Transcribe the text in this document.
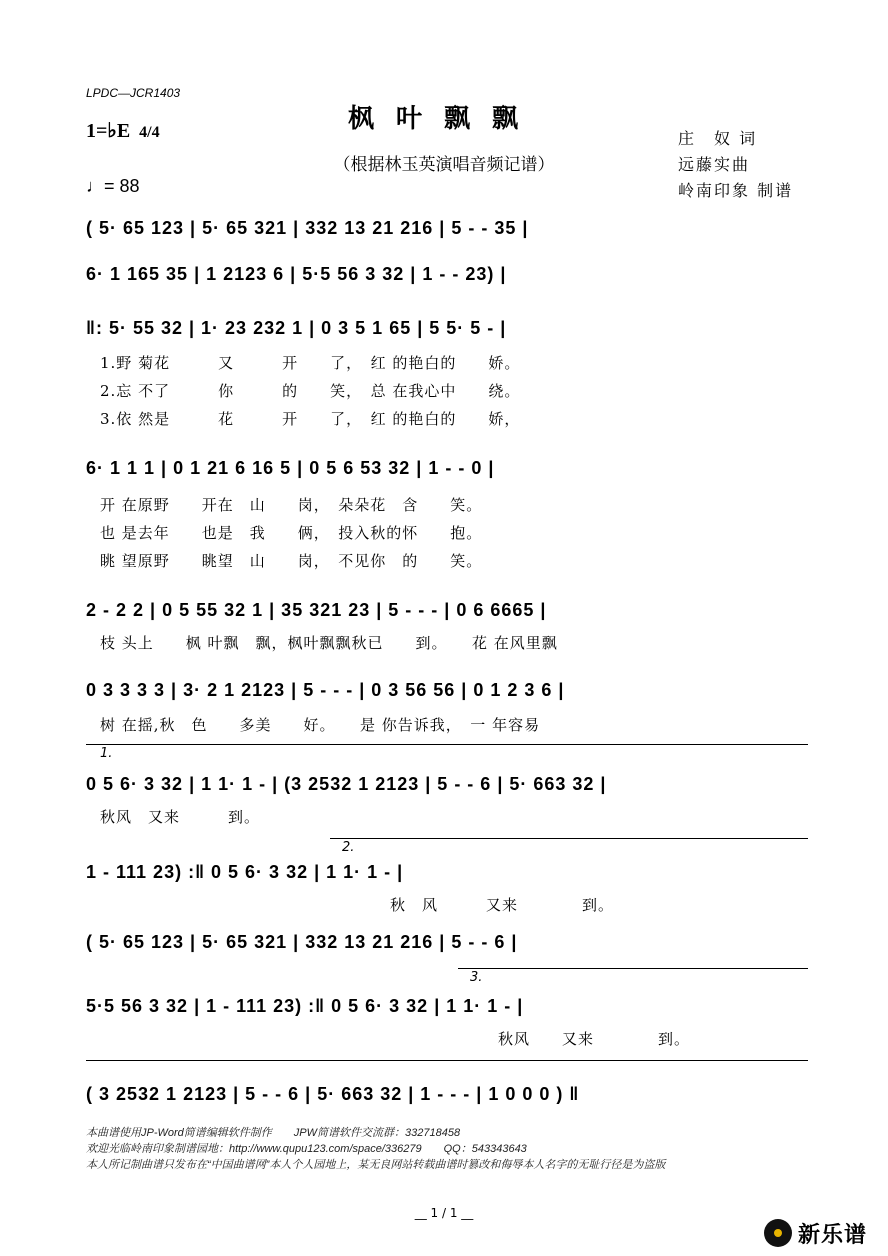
LPDC—JCR1403
枫叶飘飘
（根据林玉英演唱音频记谱）
1=♭E 4/4
♩= 88
庄　奴 词
远藤实曲
岭南印象 制谱
( 5· 65 123 | 5· 65 321 | 332 13 21 216 | 5 - - 35 |
6· 1 165 35 | 1 2123 6 | 5·5 56 3 32 | 1 - - 23) |
‖: 5· 55 32 | 1· 23 232 1 | 0 3 5 1 65 | 5 5· 5 - |
1.野 菊花　　　又　　　开　　了，　红 的艳白的　　娇。
2.忘 不了　　　你　　　的　　笑，　总 在我心中　　绕。
3.依 然是　　　花　　　开　　了，　红 的艳白的　　娇，
6· 1 1 1 | 0 1 21 6 16 5 | 0 5 6 53 32 | 1 - - 0 |
开 在原野　　开在　山　　岗，　朵朵花　含　　笑。
也 是去年　　也是　我　　俩，　投入秋的怀　　抱。
眺 望原野　　眺望　山　　岗，　不见你　的　　笑。
2 - 2 2 | 0 5 55 32 1 | 35 321 23 | 5 - - - | 0 6 6665 |
枝 头上　　枫 叶飘　飘，枫叶飘飘秋已　　到。　　花 在风里飘
0 3 3 3 3 | 3· 2 1 2123 | 5 - - - | 0 3 56 56 | 0 1 2 3 6 |
树 在摇,秋　色　　多美　　好。　　是 你告诉我，　一 年容易
1.
0 5 6· 3 32 | 1 1· 1 - | (3 2532 1 2123 | 5 - - 6 | 5· 663 32 |
秋风　又来　　　到。
2.
1 - 111 23) :‖ 0 5 6· 3 32 | 1 1· 1 - |
秋　风　　　又来　　　　到。
( 5· 65 123 | 5· 65 321 | 332 13 21 216 | 5 - - 6 |
3.
5·5 56 3 32 | 1 - 111 23) :‖ 0 5 6· 3 32 | 1 1· 1 - |
秋风　　又来　　　　到。
( 3 2532 1 2123 | 5 - - 6 | 5· 663 32 | 1 - - - | 1 0 0 0 ) ‖
本曲谱使用JP-Word简谱编辑软件制作　　JPW简谱软件交流群：332718458
欢迎光临岭南印象制谱园地：http://www.qupu123.com/space/336279　　QQ：543343643
本人所记制曲谱只发布在“中国曲谱网”本人个人园地上，某无良网站转载曲谱时篡改和侮辱本人名字的无耻行径是为盗版
__ 1 / 1 __
新乐谱
